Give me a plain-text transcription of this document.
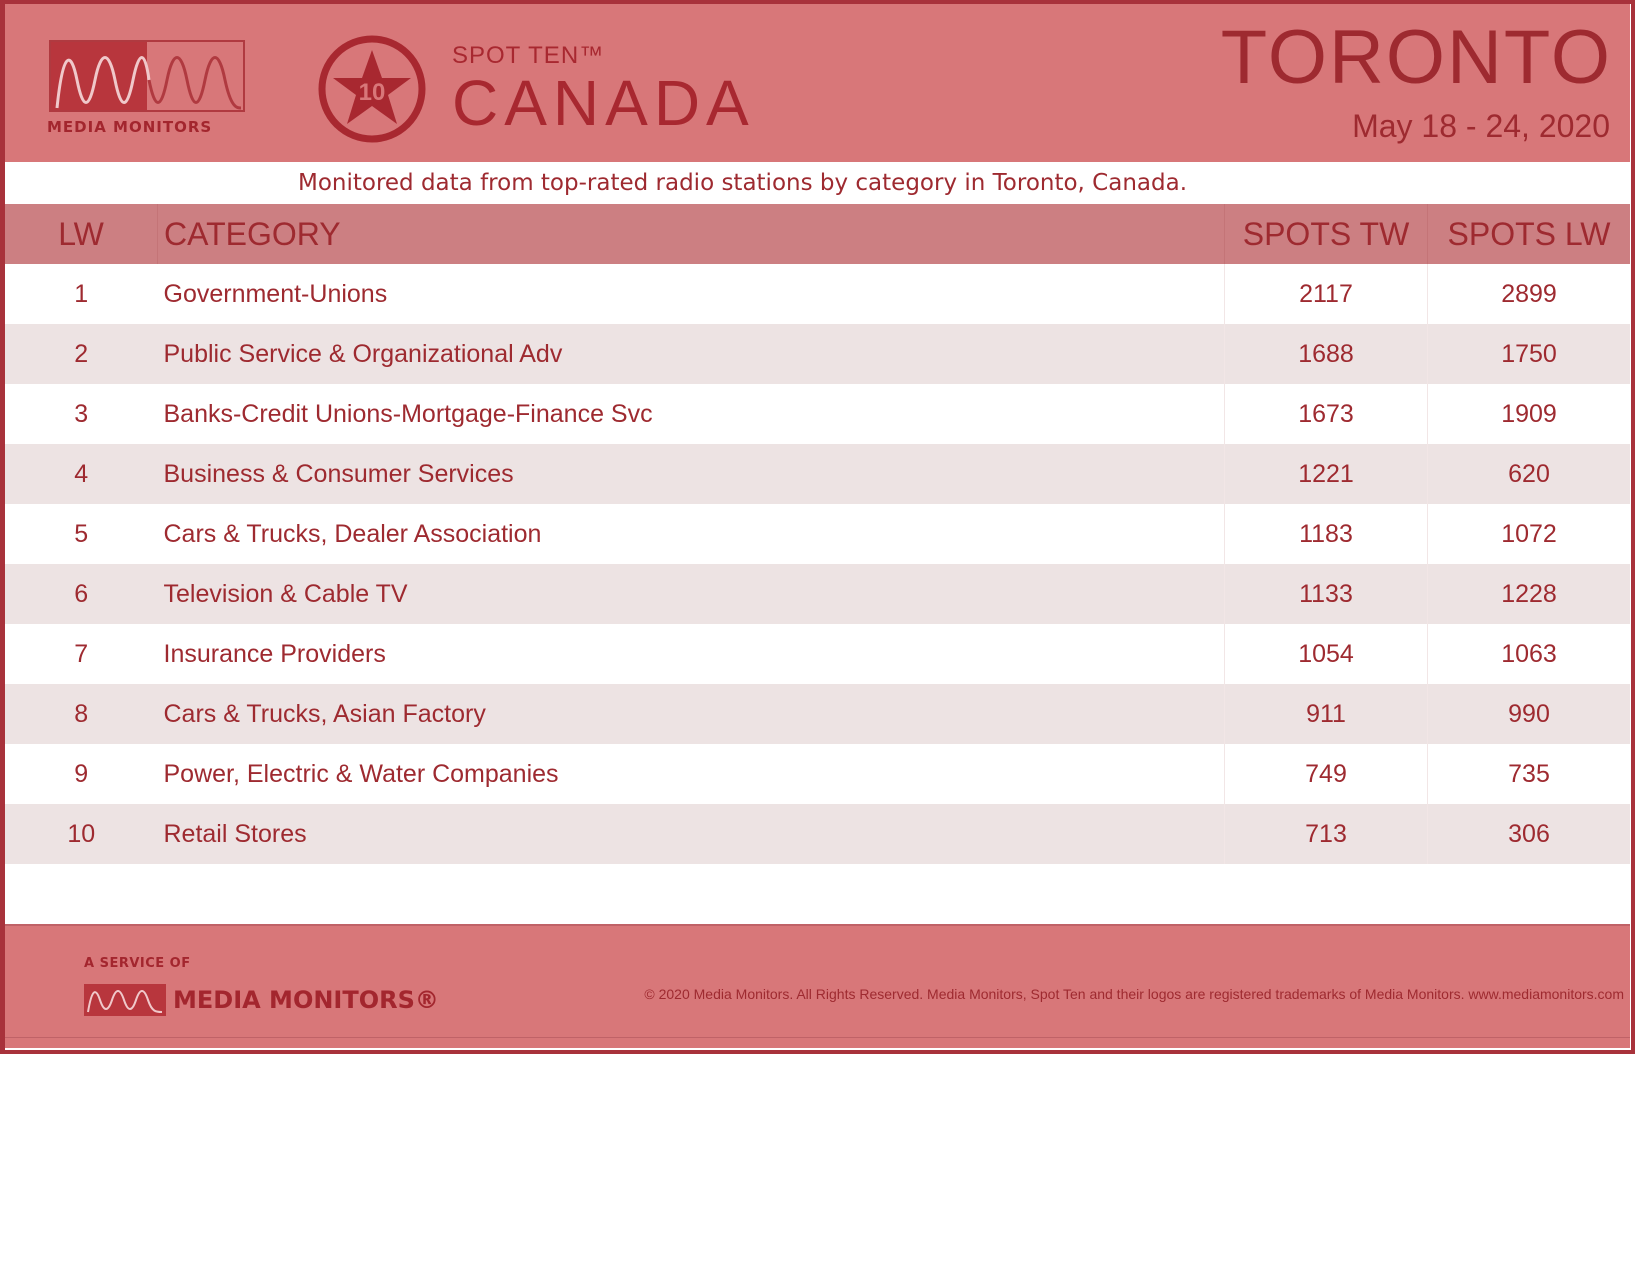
MEDIA MONITORS
10
SPOT TEN™
CANADA
TORONTO
May 18 - 24, 2020
Monitored data from top-rated radio stations by category in Toronto, Canada.
LW	CATEGORY	SPOTS TW	SPOTS LW
1	Government-Unions	2117	2899
2	Public Service & Organizational Adv	1688	1750
3	Banks-Credit Unions-Mortgage-Finance Svc	1673	1909
4	Business & Consumer Services	1221	620
5	Cars & Trucks, Dealer Association	1183	1072
6	Television & Cable TV	1133	1228
7	Insurance Providers	1054	1063
8	Cars & Trucks, Asian Factory	911	990
9	Power, Electric & Water Companies	749	735
10	Retail Stores	713	306
A SERVICE OF
MEDIA MONITORS®	© 2020 Media Monitors. All Rights Reserved. Media Monitors, Spot Ten and their logos are registered trademarks of Media Monitors. www.mediamonitors.com
